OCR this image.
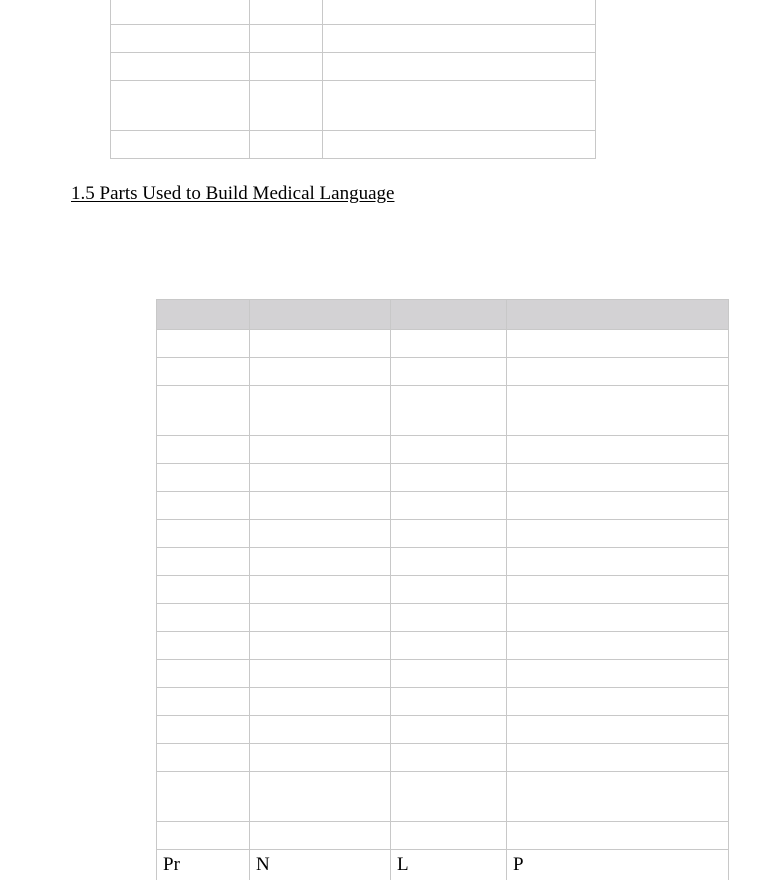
1.5 Parts Used to Build Medical Language

Pr	N	L	P
